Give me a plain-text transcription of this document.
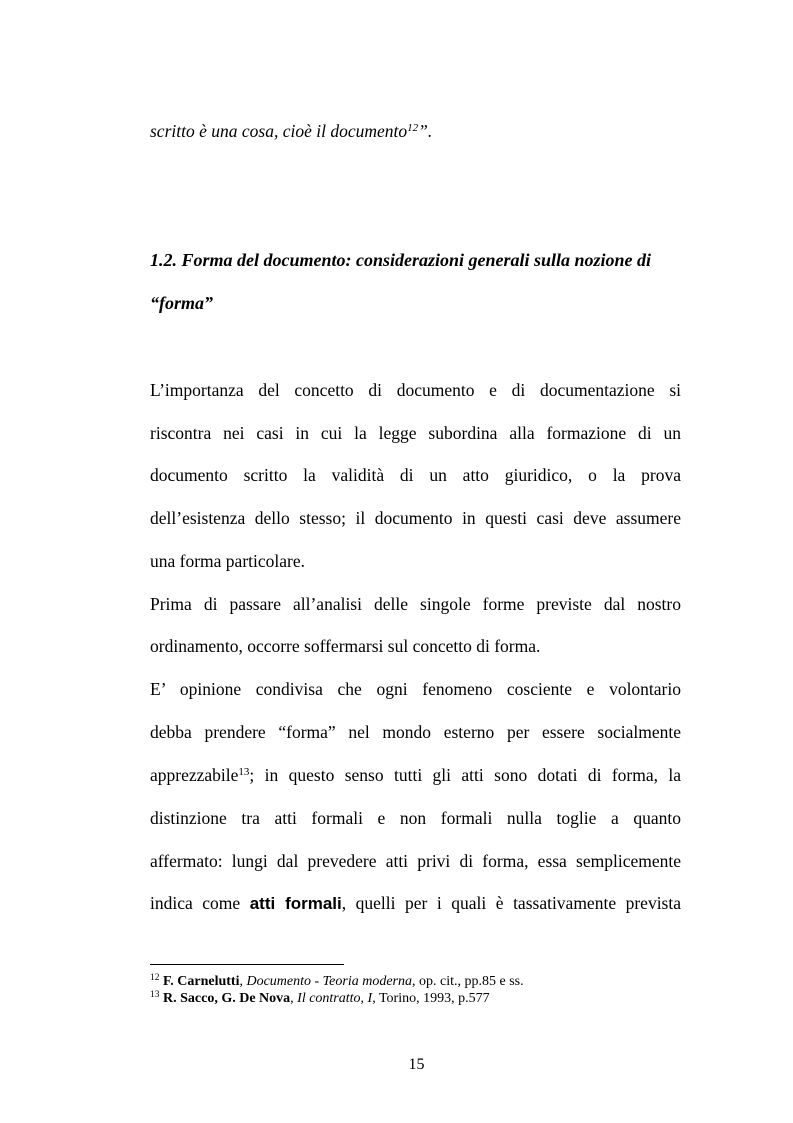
scritto è una cosa, cioè il documento$^{12}$”.
1.2. Forma del documento: considerazioni generali sulla nozione di
“forma”
L’importanza del concetto di documento e di documentazione si
riscontra nei casi in cui la legge subordina alla formazione di un
documento scritto la validità di un atto giuridico, o la prova
dell’esistenza dello stesso; il documento in questi casi deve assumere
una forma particolare.
Prima di passare all’analisi delle singole forme previste dal nostro
ordinamento, occorre soffermarsi sul concetto di forma.
E’ opinione condivisa che ogni fenomeno cosciente e volontario
debba prendere “forma” nel mondo esterno per essere socialmente
apprezzabile$^{13}$; in questo senso tutti gli atti sono dotati di forma, la
distinzione tra atti formali e non formali nulla toglie a quanto
affermato: lungi dal prevedere atti privi di forma, essa semplicemente
indica come atti formali, quelli per i quali è tassativamente prevista
$^{12}$ F. Carnelutti, Documento - Teoria moderna, op. cit., pp.85 e ss.
$^{13}$ R. Sacco, G. De Nova, Il contratto, I, Torino, 1993, p.577
15
